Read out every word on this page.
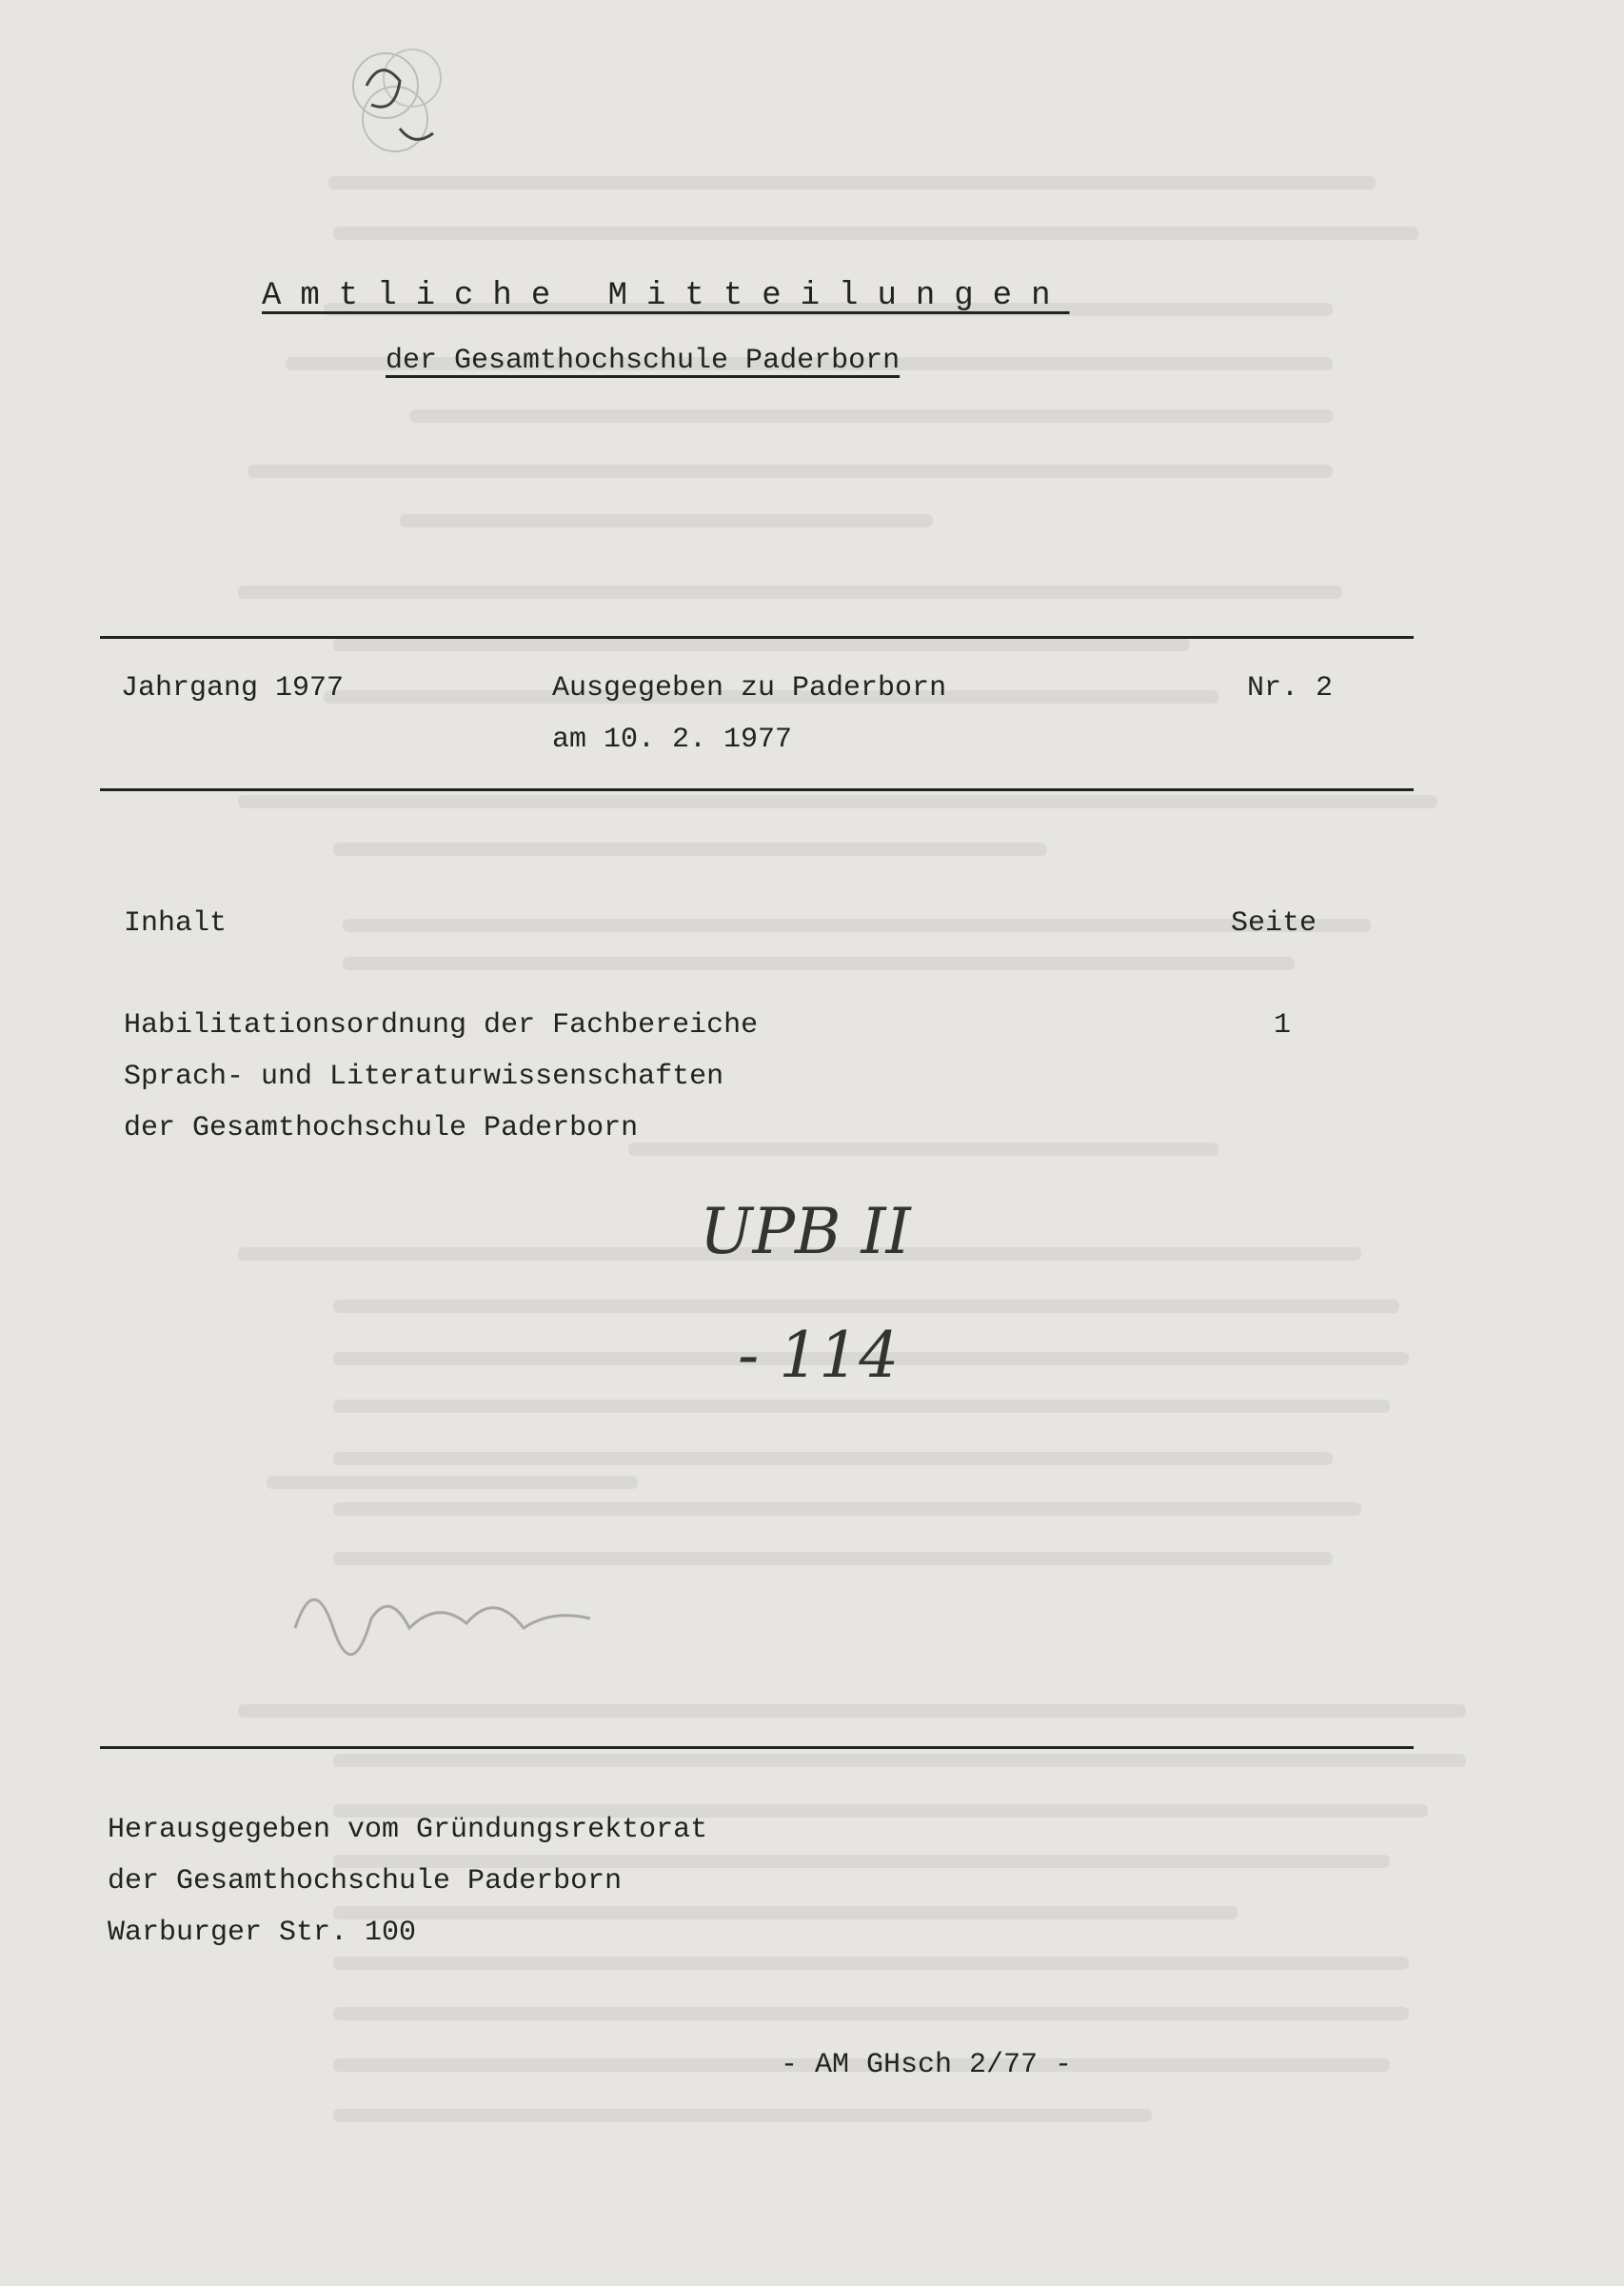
Amtliche Mitteilungen
der Gesamthochschule Paderborn
Jahrgang 1977	Ausgegeben zu Paderborn
am 10. 2. 1977
Nr. 2
Inhalt	Seite
Habilitationsordnung der Fachbereiche
Sprach- und Literaturwissenschaften
der Gesamthochschule Paderborn
1
UPB II
- 114
Herausgegeben vom Gründungsrektorat
der Gesamthochschule Paderborn
Warburger Str. 100
- AM GHsch 2/77 -
